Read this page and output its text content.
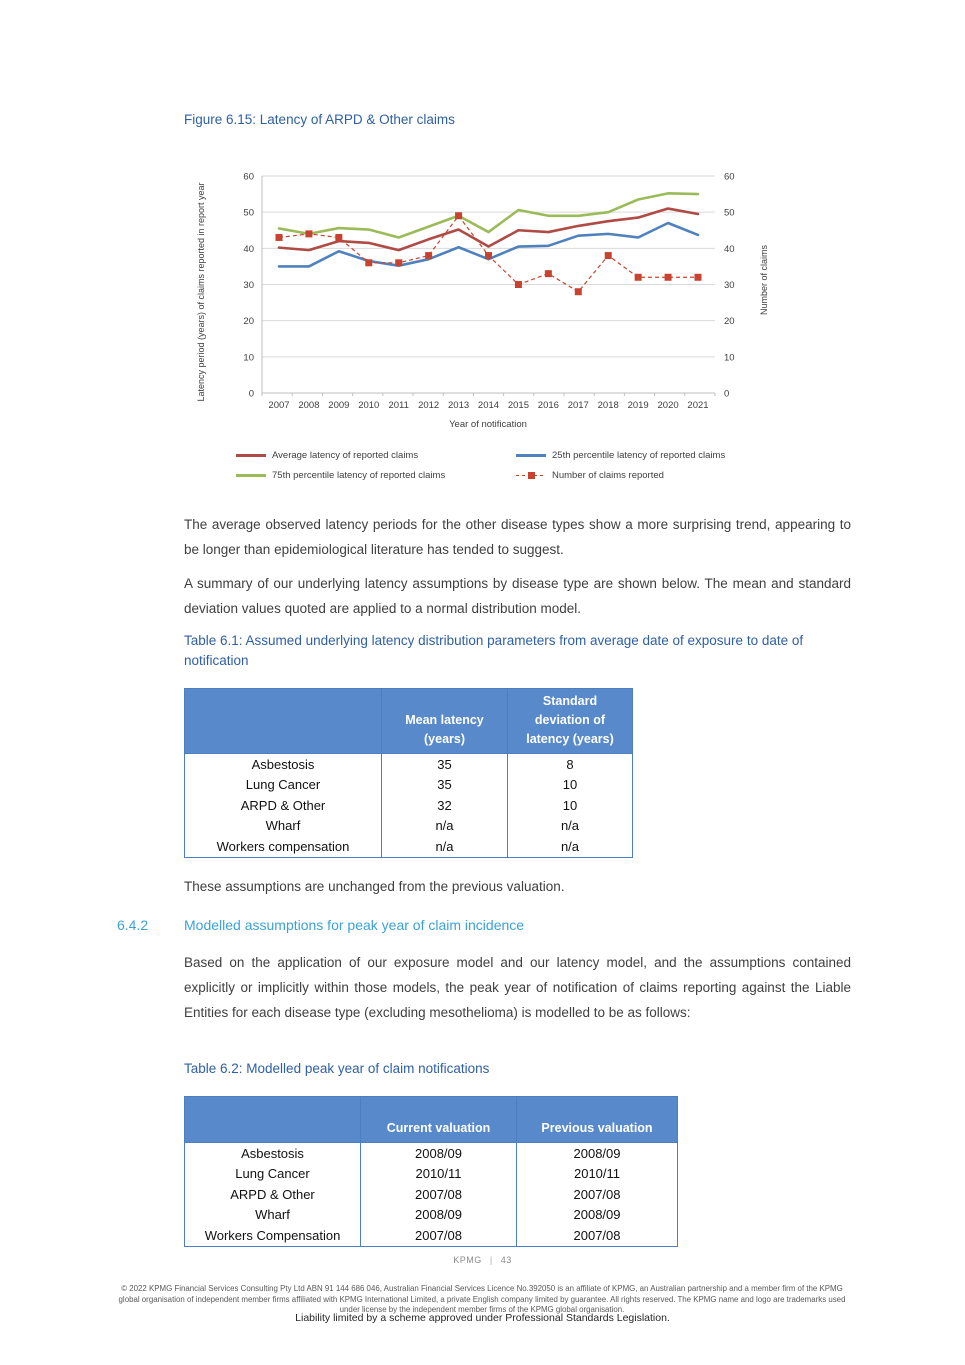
Figure 6.15: Latency of ARPD & Other claims
0	0
10	10
20	20
30	30
40	40
50	50
60	60
2007 2008 2009 2010 2011 2012 2013 2014 2015 2016 2017 2018 2019 2020 2021
Year of notification
Latency period (years) of claims reported in report year	Number of claims
Average latency of reported claims	25th percentile latency of reported claims
75th percentile latency of reported claims	Number of claims reported
The average observed latency periods for the other disease types show a more surprising trend, appearing to be longer than epidemiological literature has tended to suggest.
A summary of our underlying latency assumptions by disease type are shown below. The mean and standard deviation values quoted are applied to a normal distribution model.
Table 6.1: Assumed underlying latency distribution parameters from average date of exposure to date of notification
	Mean latency (years)	Standard deviation of latency (years)
Asbestosis	35	8
Lung Cancer	35	10
ARPD & Other	32	10
Wharf	n/a	n/a
Workers compensation	n/a	n/a
These assumptions are unchanged from the previous valuation.
6.4.2	Modelled assumptions for peak year of claim incidence
Based on the application of our exposure model and our latency model, and the assumptions contained explicitly or implicitly within those models, the peak year of notification of claims reporting against the Liable Entities for each disease type (excluding mesothelioma) is modelled to be as follows:
Table 6.2: Modelled peak year of claim notifications
	Current valuation	Previous valuation
Asbestosis	2008/09	2008/09
Lung Cancer	2010/11	2010/11
ARPD & Other	2007/08	2007/08
Wharf	2008/09	2008/09
Workers Compensation	2007/08	2007/08
KPMG | 43
© 2022 KPMG Financial Services Consulting Pty Ltd ABN 91 144 686 046, Australian Financial Services Licence No.392050 is an affiliate of KPMG, an Australian partnership and a member firm of the KPMG global organisation of independent member firms affiliated with KPMG International Limited, a private English company limited by guarantee. All rights reserved. The KPMG name and logo are trademarks used under license by the independent member firms of the KPMG global organisation.
Liability limited by a scheme approved under Professional Standards Legislation.
